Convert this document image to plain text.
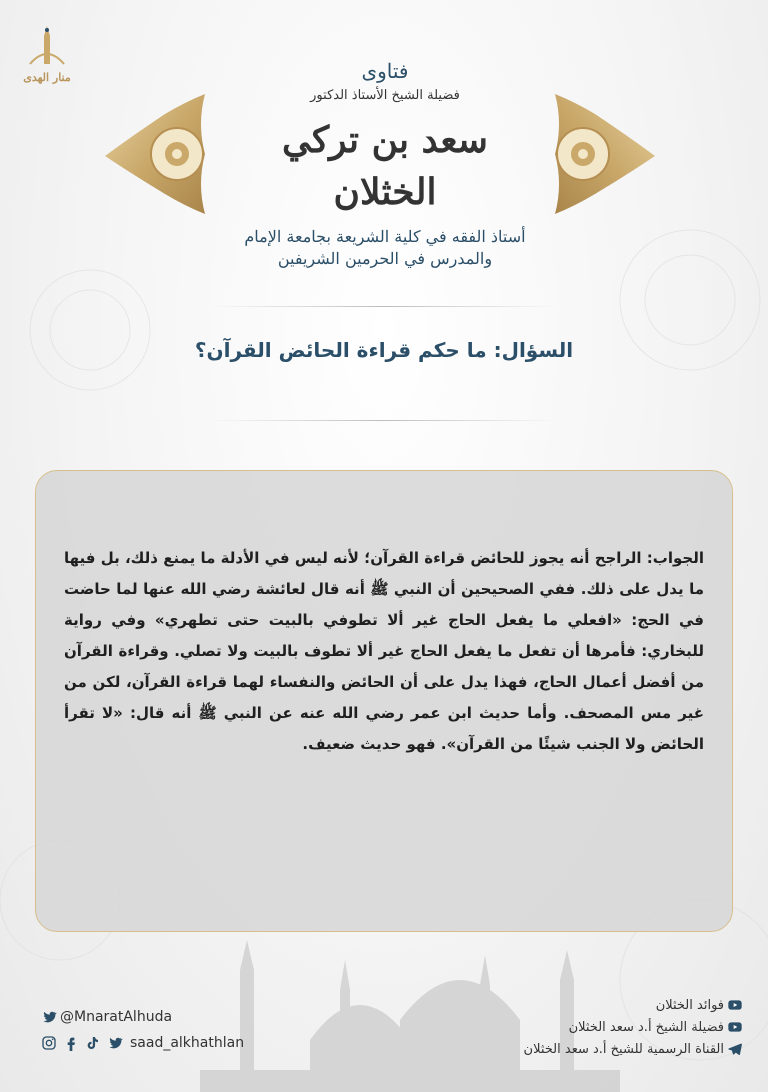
منار الهدى	فتاوى
فضيلة الشيخ الأستاذ الدكتور
سعد بن تركي الخثلان
أستاذ الفقه في كلية الشريعة بجامعة الإمام
والمدرس في الحرمين الشريفين
السؤال: ما حكم قراءة الحائض القرآن؟

الجواب: الراجح أنه يجوز للحائض قراءة القرآن؛ لأنه ليس في الأدلة ما يمنع ذلك، بل فيها ما يدل على ذلك. ففي الصحيحين أن النبي ﷺ أنه قال لعائشة رضي الله عنها لما حاضت في الحج: «افعلي ما يفعل الحاج غير ألا تطوفي بالبيت حتى تطهري» وفي رواية للبخاري: فأمرها أن تفعل ما يفعل الحاج غير ألا تطوف بالبيت ولا تصلي. وقراءة القرآن من أفضل أعمال الحاج، فهذا يدل على أن الحائض والنفساء لهما قراءة القرآن، لكن من غير مس المصحف. وأما حديث ابن عمر رضي الله عنه عن النبي ﷺ أنه قال: «لا تقرأ الحائض ولا الجنب شيئًا من القرآن». فهو حديث ضعيف.

@MnaratAlhuda
saad_alkhathlan
فوائد الخثلان
فضيلة الشيخ أ.د سعد الخثلان
القناة الرسمية للشيخ أ.د سعد الخثلان
